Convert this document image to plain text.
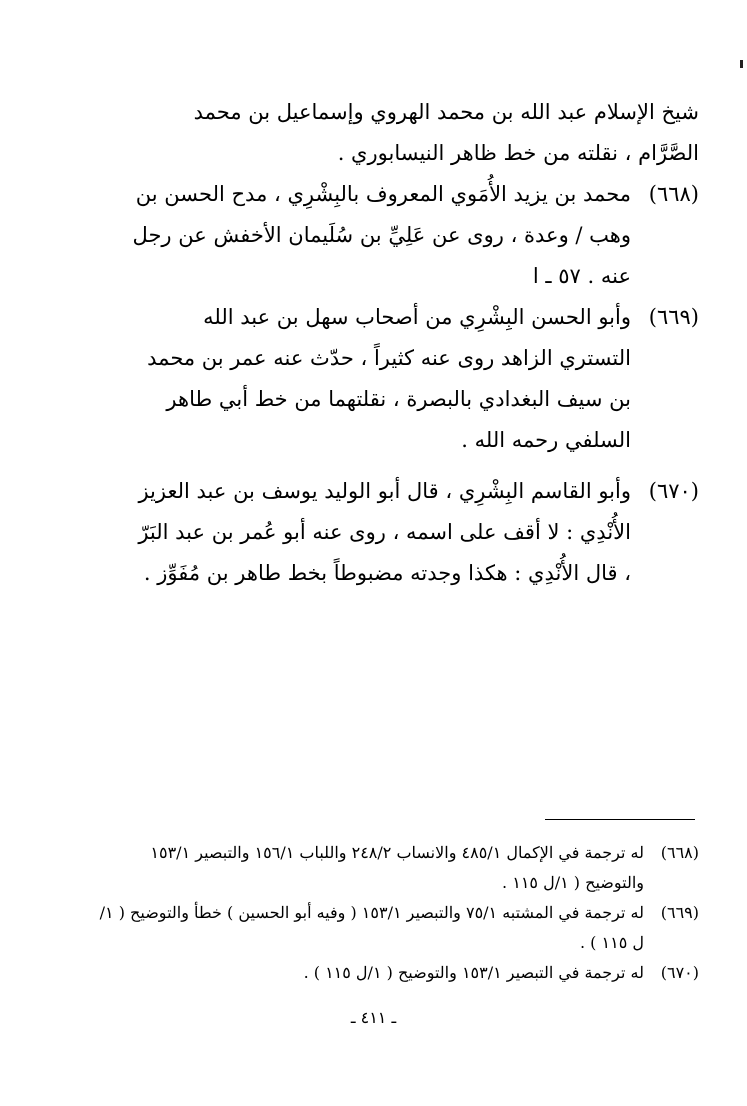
شيخ الإسلام عبد الله بن محمد الهروي وإسماعيل بن محمد الصَّرَّام ، نقلته من خط ظاهر النيسابوري .
(٦٦٨)
محمد بن يزيد الأُمَوي المعروف بالبِشْرِي ، مدح الحسن بن وهب / وعدة ، روى عن عَلِيِّ بن سُلَيمان الأخفش عن رجل عنه . ٥٧ ـ ا
(٦٦٩)
وأبو الحسن البِشْرِي من أصحاب سهل بن عبد الله التستري الزاهد روى عنه كثيراً ، حدّث عنه عمر بن محمد بن سيف البغدادي بالبصرة ، نقلتهما من خط أبي طاهر السلفي رحمه الله .
(٦٧٠)
وأبو القاسم البِشْرِي ، قال أبو الوليد يوسف بن عبد العزيز الأُنْدِي : لا أقف على اسمه ، روى عنه أبو عُمر بن عبد البَرّ ، قال الأُنْدِي : هكذا وجدته مضبوطاً بخط طاهر بن مُفَوِّز .
(٦٦٨)
له ترجمة في الإكمال ٤٨٥/١ والانساب ٢٤٨/٢ واللباب ١٥٦/١ والتبصير ١٥٣/١ والتوضيح ( ١/ل ١١٥ .
(٦٦٩)
له ترجمة في المشتبه ٧٥/١ والتبصير ١٥٣/١ ( وفيه أبو الحسين ) خطأ والتوضيح ( ١/ل ١١٥ ) .
(٦٧٠)
له ترجمة في التبصير ١٥٣/١ والتوضيح ( ١/ل ١١٥ ) .
ـ ٤١١ ـ
